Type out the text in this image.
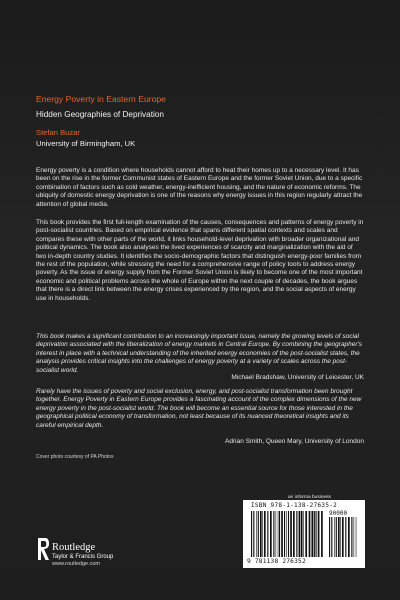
Energy Poverty in Eastern Europe
Hidden Geographies of Deprivation
Stefan Buzar
University of Birmingham, UK

Energy poverty is a condition where households cannot afford to heat their homes up to a necessary level. It has been on the rise in the former Communist states of Eastern Europe and the former Soviet Union, due to a specific combination of factors such as cold weather, energy-inefficient housing, and the nature of economic reforms. The ubiquity of domestic energy deprivation is one of the reasons why energy issues in this region regularly attract the attention of global media.

This book provides the first full-length examination of the causes, consequences and patterns of energy poverty in post-socialist countries. Based on empirical evidence that spans different spatial contexts and scales and compares these with other parts of the world, it links household-level deprivation with broader organizational and political dynamics. The book also analyses the lived experiences of scarcity and marginalization with the aid of two in-depth country studies. It identifies the socio-demographic factors that distinguish energy-poor families from the rest of the population, while stressing the need for a comprehensive range of policy tools to address energy poverty. As the issue of energy supply from the Former Soviet Union is likely to become one of the most important economic and political problems across the whole of Europe within the next couple of decades, the book argues that there is a direct link between the energy crises experienced by the region, and the social aspects of energy use in households.

This book makes a significant contribution to an increasingly important issue, namely the growing levels of social deprivation associated with the liberalization of energy markets in Central Europe. By combining the geographer's interest in place with a technical understanding of the inherited energy economies of the post-socialist states, the analysis provides critical insights into the challenges of energy poverty at a variety of scales across the post-socialist world.

Michael Bradshaw, University of Leicester, UK

Rarely have the issues of poverty and social exclusion, energy, and post-socialist transformation been brought together. Energy Poverty in Eastern Europe provides a fascinating account of the complex dimensions of the new energy poverty in the post-socialist world. The book will become an essential source for those interested in the geographical political economy of transformation, not least because of its nuanced theoretical insights and its careful empirical depth.

Adrian Smith, Queen Mary, University of London
Cover photo courtesy of PA Photos
an informa business
ISBN 978-1-138-27635-2
90000
9 781138 276352
Routledge
Taylor & Francis Group
www.routledge.com
